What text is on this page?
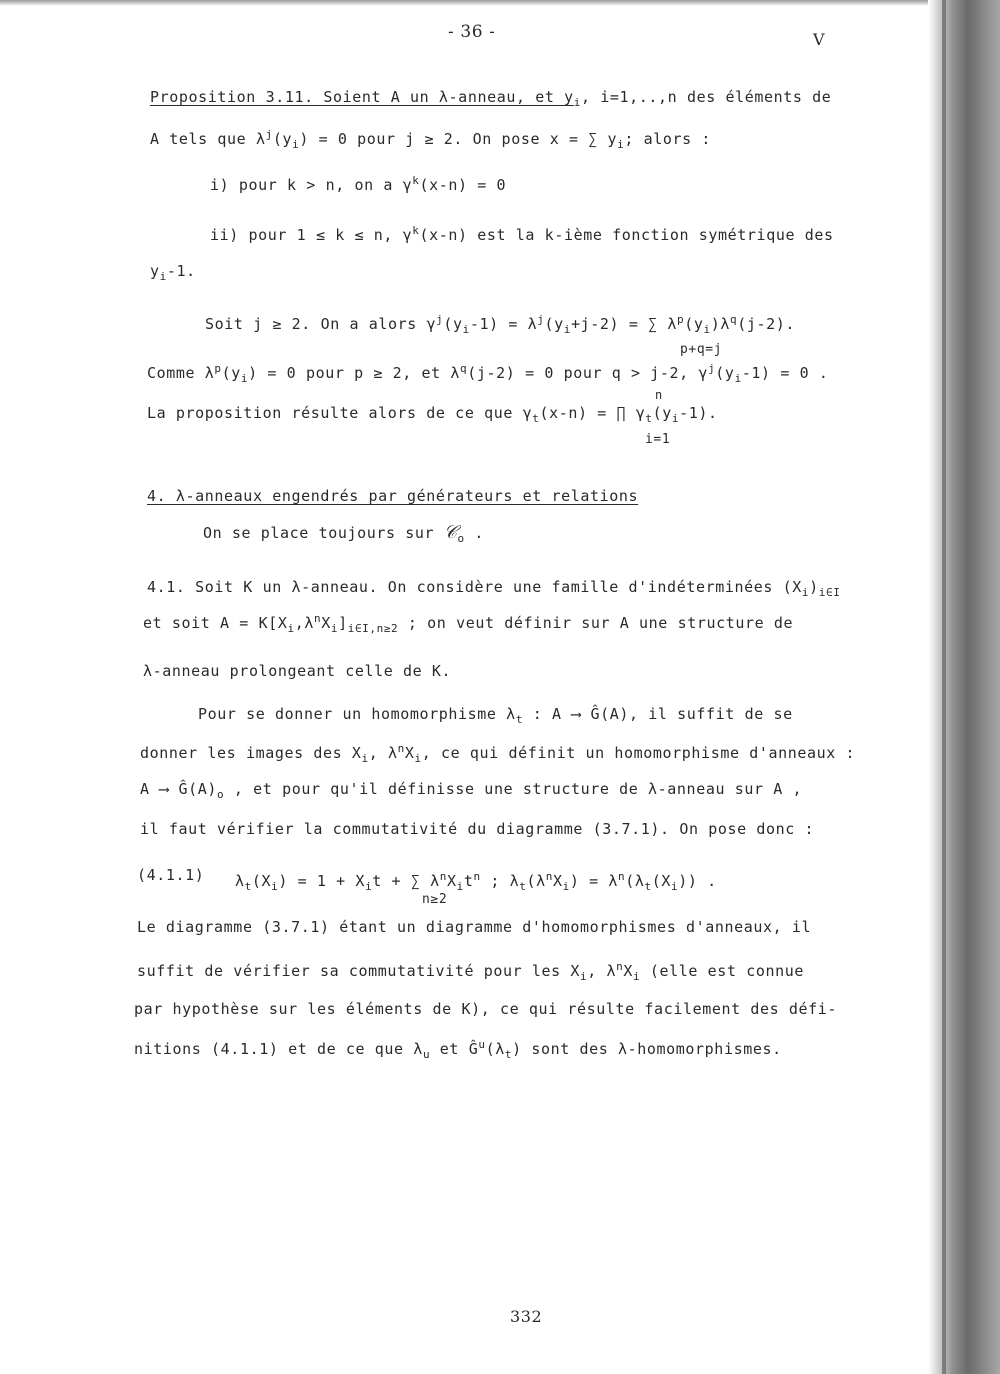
- 36 -	V
Proposition 3.11. Soient A un λ-anneau, et $y_i$, i=1,..,n des éléments de
A tels que $\lambda^j(y_i) = 0$ pour j ≥ 2. On pose x = ∑ $y_i$; alors :
i) pour k > n, on a $\gamma^k(x-n) = 0$
ii) pour 1 ≤ k ≤ n, $\gamma^k(x-n)$ est la k-ième fonction symétrique des
$y_i-1$.
Soit j ≥ 2. On a alors $\gamma^j(y_i-1) = \lambda^j(y_i+j-2)$ = ∑ $\lambda^p(y_i)\lambda^q(j-2)$.
p+q=j
Comme $\lambda^p(y_i) = 0$ pour p ≥ 2, et $\lambda^q(j-2) = 0$ pour q > j-2, $\gamma^j(y_i-1) = 0$ .
n
La proposition résulte alors de ce que $\gamma_t(x-n)$ = ∏ $\gamma_t(y_i-1)$.
i=1
4. λ-anneaux engendrés par générateurs et relations
On se place toujours sur 𝒞$_o$ .
4.1. Soit K un λ-anneau. On considère une famille d'indéterminées $(X_i)_{i\in I}$
et soit $A = K[X_i,\lambda^nX_i]_{i\in I,n\ge 2}$ ; on veut définir sur A une structure de
λ-anneau prolongeant celle de K.
Pour se donner un homomorphisme $\lambda_t$ : A ⟶ Ĝ(A), il suffit de se
donner les images des $X_i$, $\lambda^nX_i$, ce qui définit un homomorphisme d'anneaux :
A ⟶ $Ĝ(A)_o$ , et pour qu'il définisse une structure de λ-anneau sur A ,
il faut vérifier la commutativité du diagramme (3.7.1). On pose donc :
(4.1.1) $\lambda_t(X_i) = 1 + X_it$ + ∑ $\lambda^nX_it^n$ ; $\lambda_t(\lambda^nX_i) = \lambda^n(\lambda_t(X_i))$ .
n≥2
Le diagramme (3.7.1) étant un diagramme d'homomorphismes d'anneaux, il
suffit de vérifier sa commutativité pour les $X_i$, $\lambda^nX_i$ (elle est connue
par hypothèse sur les éléments de K), ce qui résulte facilement des défi-
nitions (4.1.1) et de ce que $\lambda_u$ et $Ĝ^u(\lambda_t)$ sont des λ-homomorphismes.
332
